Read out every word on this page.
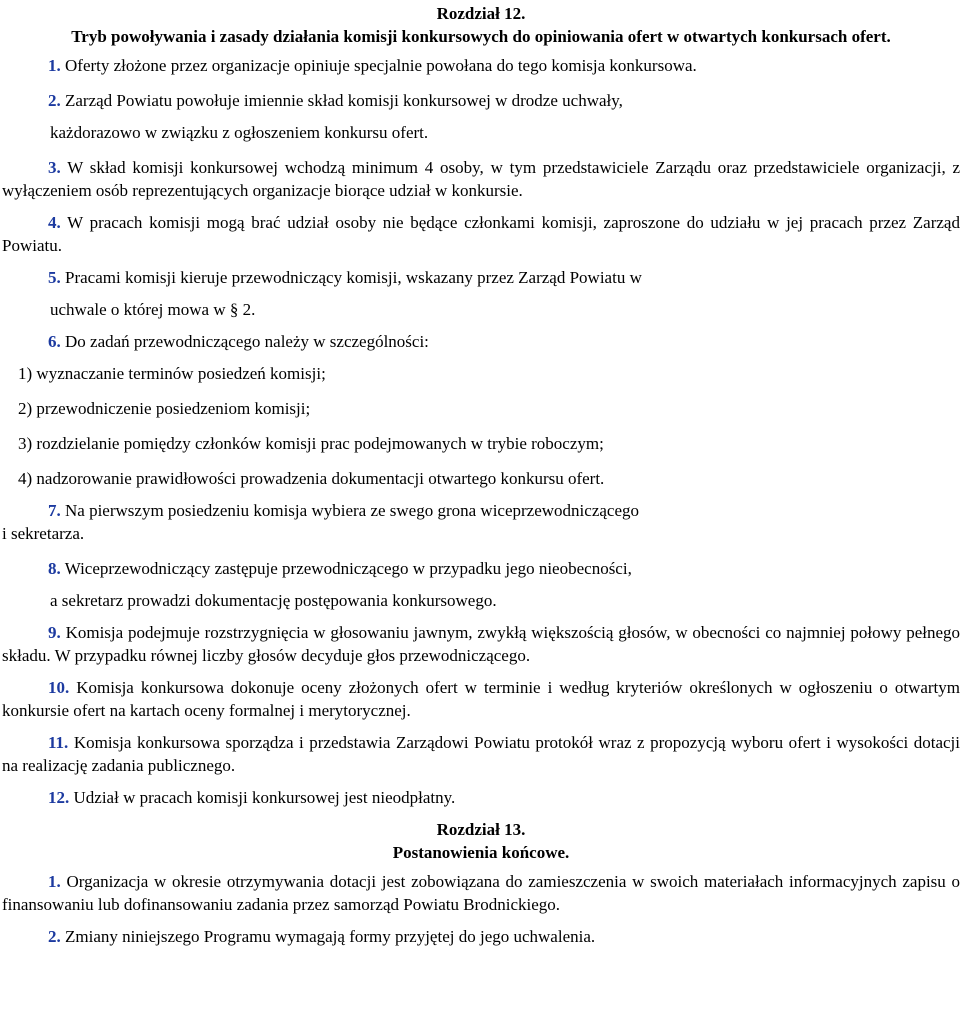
Rozdział 12.

Tryb powoływania i zasady działania komisji konkursowych do opiniowania ofert w otwartych konkursach ofert.

1. Oferty złożone przez organizacje opiniuje specjalnie powołana do tego komisja konkursowa.

2. Zarząd Powiatu powołuje imiennie skład komisji konkursowej w drodze uchwały,

każdorazowo w związku z ogłoszeniem konkursu ofert.

3. W skład komisji konkursowej wchodzą minimum 4 osoby, w tym przedstawiciele Zarządu oraz przedstawiciele organizacji, z wyłączeniem osób reprezentujących organizacje biorące udział w konkursie.

4. W pracach komisji mogą brać udział osoby nie będące członkami komisji, zaproszone do udziału w jej pracach przez Zarząd Powiatu.

5. Pracami komisji kieruje przewodniczący komisji, wskazany przez Zarząd Powiatu w

uchwale o której mowa w § 2.

6. Do zadań przewodniczącego należy w szczególności:

1) wyznaczanie terminów posiedzeń komisji;

2) przewodniczenie posiedzeniom komisji;

3) rozdzielanie pomiędzy członków komisji prac podejmowanych w trybie roboczym;

4) nadzorowanie prawidłowości prowadzenia dokumentacji otwartego konkursu ofert.

7. Na pierwszym posiedzeniu komisja wybiera ze swego grona wiceprzewodniczącego

i sekretarza.

8. Wiceprzewodniczący zastępuje przewodniczącego w przypadku jego nieobecności,

a sekretarz prowadzi dokumentację postępowania konkursowego.

9. Komisja podejmuje rozstrzygnięcia w głosowaniu jawnym, zwykłą większością głosów, w obecności co najmniej połowy pełnego składu. W przypadku równej liczby głosów decyduje głos przewodniczącego.

10. Komisja konkursowa dokonuje oceny złożonych ofert w terminie i według kryteriów określonych w ogłoszeniu o otwartym konkursie ofert na kartach oceny formalnej i merytorycznej.

11. Komisja konkursowa sporządza i przedstawia Zarządowi Powiatu protokół wraz z propozycją wyboru ofert i wysokości dotacji na realizację zadania publicznego.

12. Udział w pracach komisji konkursowej jest nieodpłatny.

Rozdział 13.

Postanowienia końcowe.

1. Organizacja w okresie otrzymywania dotacji jest zobowiązana do zamieszczenia w swoich materiałach informacyjnych zapisu o finansowaniu lub dofinansowaniu zadania przez samorząd Powiatu Brodnickiego.

2. Zmiany niniejszego Programu wymagają formy przyjętej do jego uchwalenia.
